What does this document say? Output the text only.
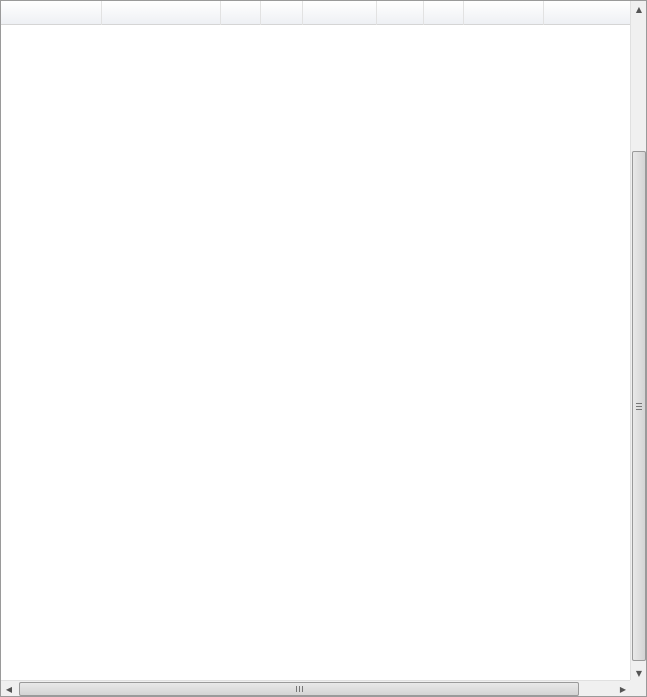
▲
▼
◀	▶
